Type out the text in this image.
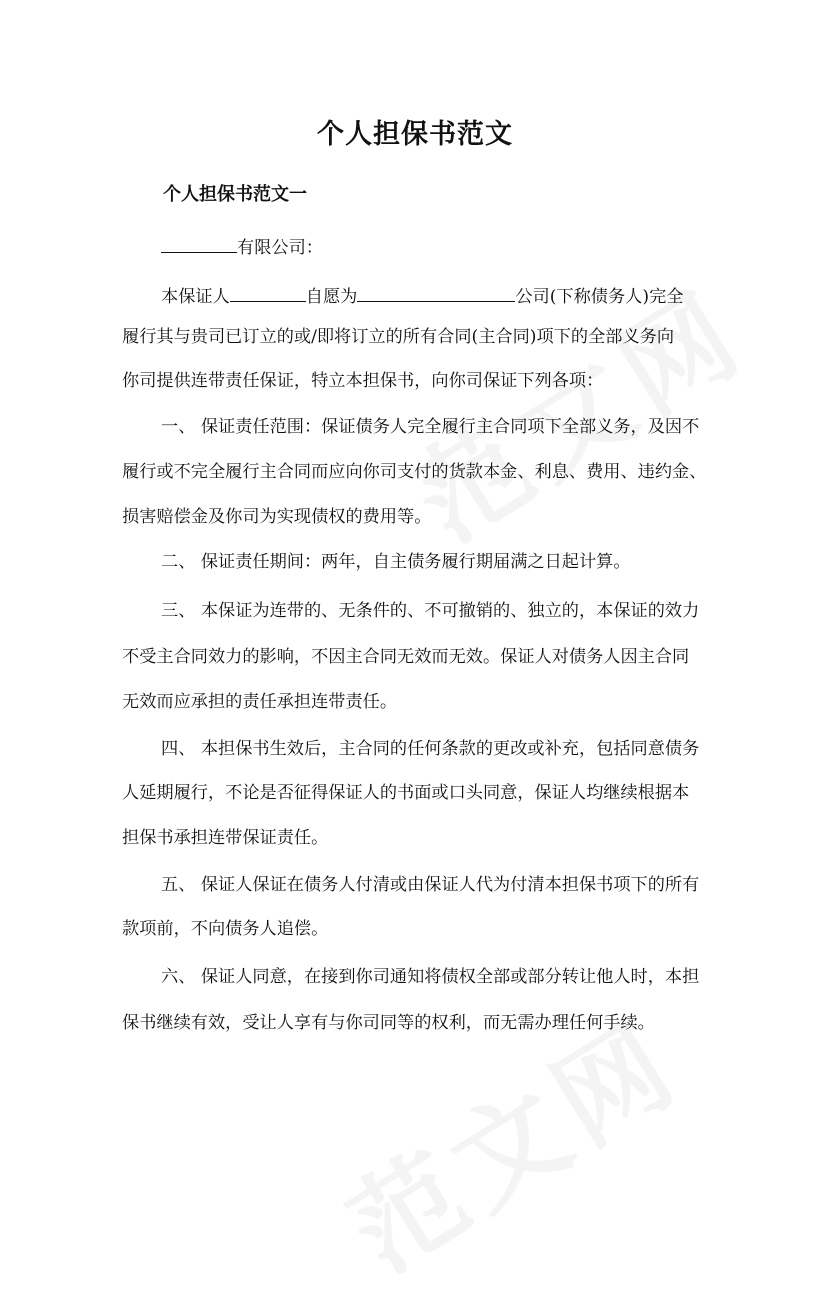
个人担保书范文
个人担保书范文一
有限公司：
本保证人	自愿为	公司(下称债务人)完全
履行其与贵司已订立的或/即将订立的所有合同(主合同)项下的全部义务向
你司提供连带责任保证，特立本担保书，向你司保证下列各项：
一、 保证责任范围：保证债务人完全履行主合同项下全部义务，及因不
履行或不完全履行主合同而应向你司支付的货款本金、利息、费用、违约金、
损害赔偿金及你司为实现债权的费用等。
二、 保证责任期间：两年，自主债务履行期届满之日起计算。
三、 本保证为连带的、无条件的、不可撤销的、独立的，本保证的效力
不受主合同效力的影响，不因主合同无效而无效。保证人对债务人因主合同
无效而应承担的责任承担连带责任。
四、 本担保书生效后，主合同的任何条款的更改或补充，包括同意债务
人延期履行，不论是否征得保证人的书面或口头同意，保证人均继续根据本
担保书承担连带保证责任。
五、 保证人保证在债务人付清或由保证人代为付清本担保书项下的所有
款项前，不向债务人追偿。
六、 保证人同意，在接到你司通知将债权全部或部分转让他人时，本担
保书继续有效，受让人享有与你司同等的权利，而无需办理任何手续。
